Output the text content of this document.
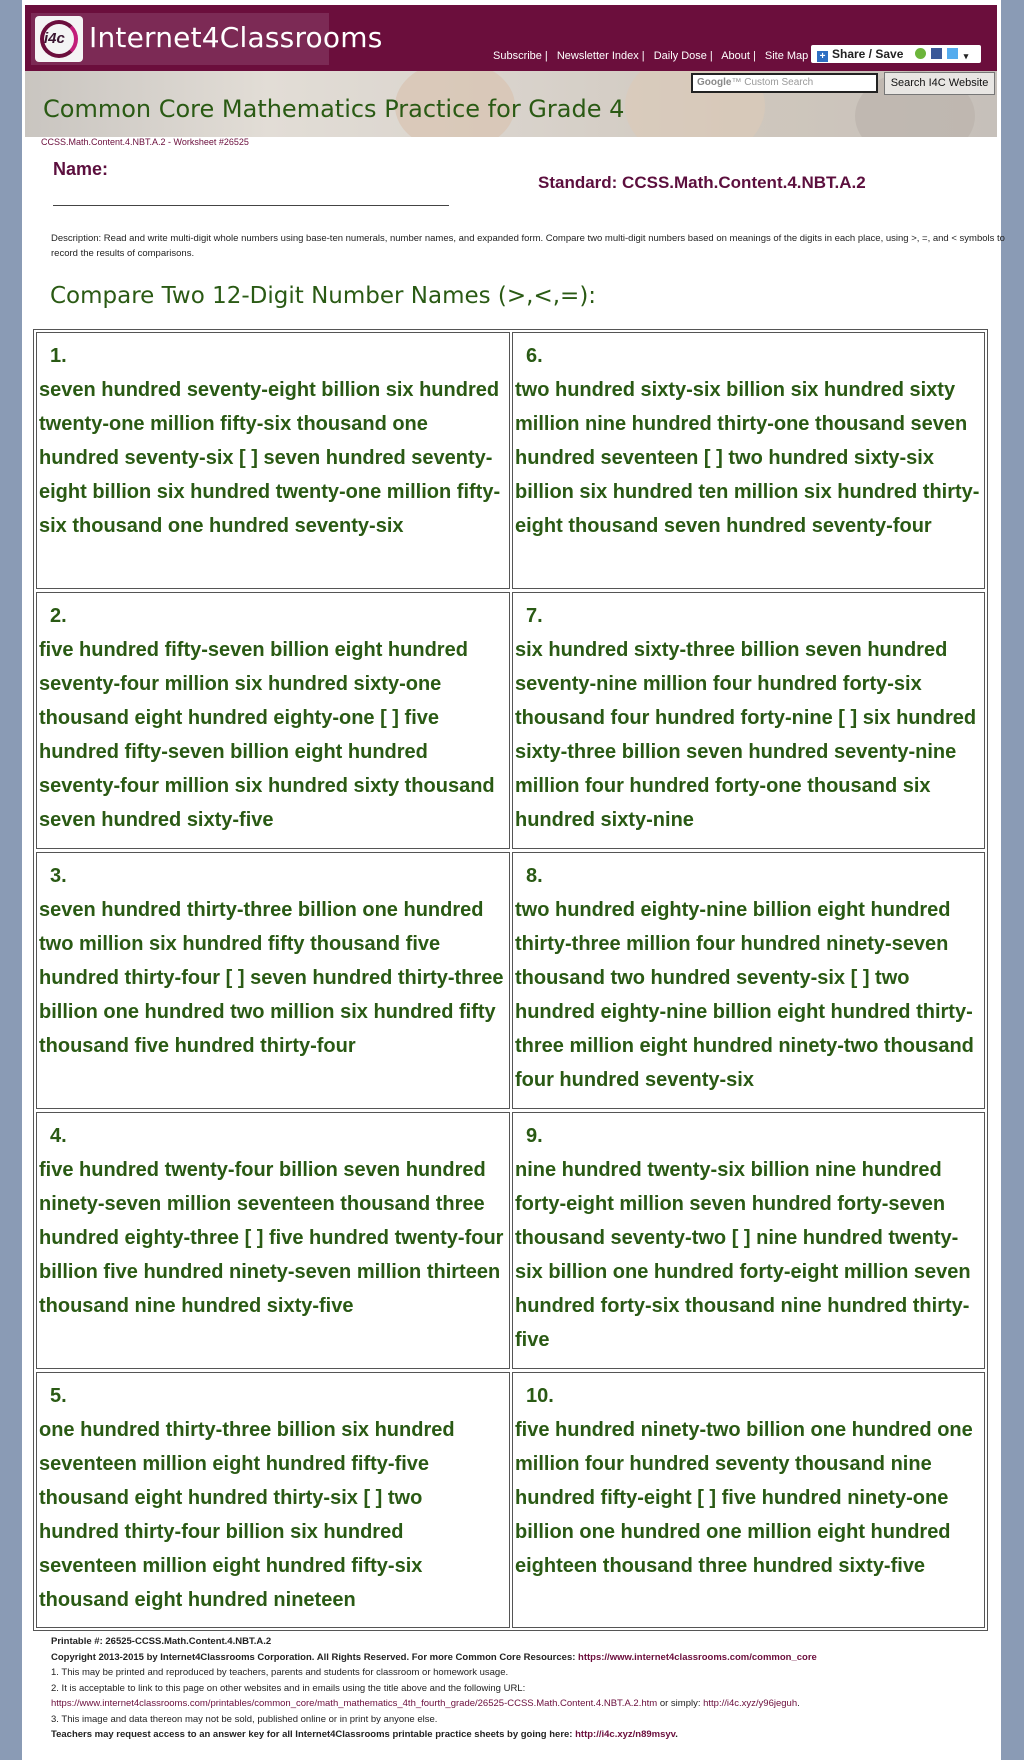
i4c Internet4Classrooms
Subscribe | Newsletter Index | Daily Dose | About | Site Map	+ Share / Save	▾
Common Core Mathematics Practice for Grade 4
Google™ Custom Search	Search I4C Website
CCSS.Math.Content.4.NBT.A.2 - Worksheet #26525
Name:
Standard: CCSS.Math.Content.4.NBT.A.2
Description: Read and write multi-digit whole numbers using base-ten numerals, number names, and expanded form. Compare two multi-digit numbers based on meanings of the digits in each place, using >, =, and < symbols to record the results of comparisons.
Compare Two 12-Digit Number Names (>,<,=):
1.
seven hundred seventy-eight billion six hundred twenty-one million fifty-six thousand one hundred seventy-six [ ] seven hundred seventy-eight billion six hundred twenty-one million fifty-six thousand one hundred seventy-six
2.
five hundred fifty-seven billion eight hundred seventy-four million six hundred sixty-one thousand eight hundred eighty-one [ ] five hundred fifty-seven billion eight hundred seventy-four million six hundred sixty thousand seven hundred sixty-five
3.
seven hundred thirty-three billion one hundred two million six hundred fifty thousand five hundred thirty-four [ ] seven hundred thirty-three billion one hundred two million six hundred fifty thousand five hundred thirty-four
4.
five hundred twenty-four billion seven hundred ninety-seven million seventeen thousand three hundred eighty-three [ ] five hundred twenty-four billion five hundred ninety-seven million thirteen thousand nine hundred sixty-five
5.
one hundred thirty-three billion six hundred seventeen million eight hundred fifty-five thousand eight hundred thirty-six [ ] two hundred thirty-four billion six hundred seventeen million eight hundred fifty-six thousand eight hundred nineteen
6.
two hundred sixty-six billion six hundred sixty million nine hundred thirty-one thousand seven hundred seventeen [ ] two hundred sixty-six billion six hundred ten million six hundred thirty-eight thousand seven hundred seventy-four
7.
six hundred sixty-three billion seven hundred seventy-nine million four hundred forty-six thousand four hundred forty-nine [ ] six hundred sixty-three billion seven hundred seventy-nine million four hundred forty-one thousand six hundred sixty-nine
8.
two hundred eighty-nine billion eight hundred thirty-three million four hundred ninety-seven thousand two hundred seventy-six [ ] two hundred eighty-nine billion eight hundred thirty-three million eight hundred ninety-two thousand four hundred seventy-six
9.
nine hundred twenty-six billion nine hundred forty-eight million seven hundred forty-seven thousand seventy-two [ ] nine hundred twenty-six billion one hundred forty-eight million seven hundred forty-six thousand nine hundred thirty-five
10.
five hundred ninety-two billion one hundred one million four hundred seventy thousand nine hundred fifty-eight [ ] five hundred ninety-one billion one hundred one million eight hundred eighteen thousand three hundred sixty-five
Printable #: 26525-CCSS.Math.Content.4.NBT.A.2
Copyright 2013-2015 by Internet4Classrooms Corporation. All Rights Reserved. For more Common Core Resources: https://www.internet4classrooms.com/common_core
1. This may be printed and reproduced by teachers, parents and students for classroom or homework usage.
2. It is acceptable to link to this page on other websites and in emails using the title above and the following URL:
https://www.internet4classrooms.com/printables/common_core/math_mathematics_4th_fourth_grade/26525-CCSS.Math.Content.4.NBT.A.2.htm or simply: http://i4c.xyz/y96jeguh.
3. This image and data thereon may not be sold, published online or in print by anyone else.
Teachers may request access to an answer key for all Internet4Classrooms printable practice sheets by going here: http://i4c.xyz/n89msyv.
